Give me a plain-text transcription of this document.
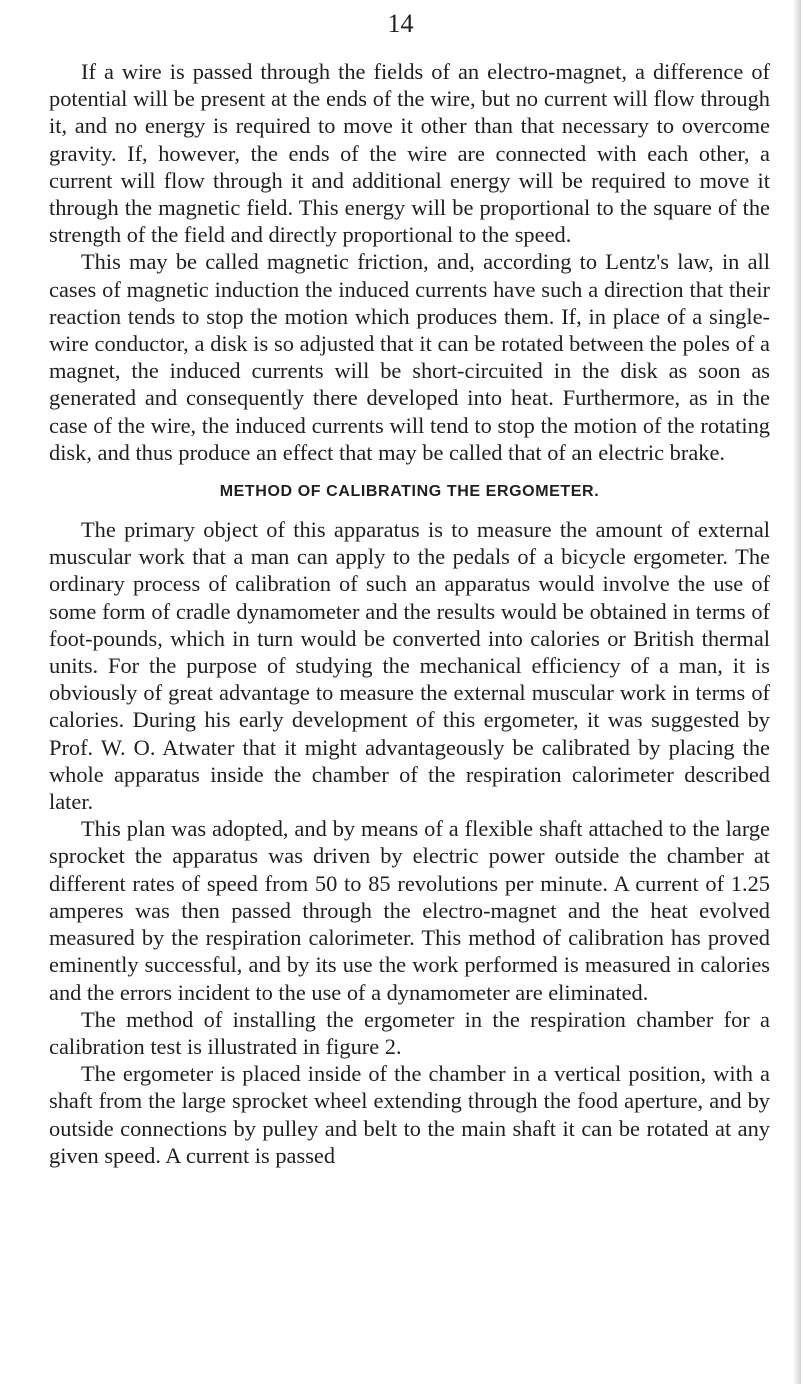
14

If a wire is passed through the fields of an electro-magnet, a difference of potential will be present at the ends of the wire, but no current will flow through it, and no energy is required to move it other than that necessary to overcome gravity. If, however, the ends of the wire are connected with each other, a current will flow through it and additional energy will be required to move it through the magnetic field. This energy will be proportional to the square of the strength of the field and directly proportional to the speed.

This may be called magnetic friction, and, according to Lentz's law, in all cases of magnetic induction the induced currents have such a direction that their reaction tends to stop the motion which produces them. If, in place of a single-wire conductor, a disk is so adjusted that it can be rotated between the poles of a magnet, the induced currents will be short-circuited in the disk as soon as generated and consequently there developed into heat. Furthermore, as in the case of the wire, the induced currents will tend to stop the motion of the rotating disk, and thus produce an effect that may be called that of an electric brake.

METHOD OF CALIBRATING THE ERGOMETER.

The primary object of this apparatus is to measure the amount of external muscular work that a man can apply to the pedals of a bicycle ergometer. The ordinary process of calibration of such an apparatus would involve the use of some form of cradle dynamometer and the results would be obtained in terms of foot-pounds, which in turn would be converted into calories or British thermal units. For the purpose of studying the mechanical efficiency of a man, it is obviously of great advantage to measure the external muscular work in terms of calories. During his early development of this ergometer, it was suggested by Prof. W. O. Atwater that it might advantageously be calibrated by placing the whole apparatus inside the chamber of the respiration calorimeter described later.

This plan was adopted, and by means of a flexible shaft attached to the large sprocket the apparatus was driven by electric power outside the chamber at different rates of speed from 50 to 85 revolutions per minute. A current of 1.25 amperes was then passed through the electro-magnet and the heat evolved measured by the respiration calorimeter. This method of calibration has proved eminently successful, and by its use the work performed is measured in calories and the errors incident to the use of a dynamometer are eliminated.

The method of installing the ergometer in the respiration chamber for a calibration test is illustrated in figure 2.

The ergometer is placed inside of the chamber in a vertical position, with a shaft from the large sprocket wheel extending through the food aperture, and by outside connections by pulley and belt to the main shaft it can be rotated at any given speed. A current is passed
